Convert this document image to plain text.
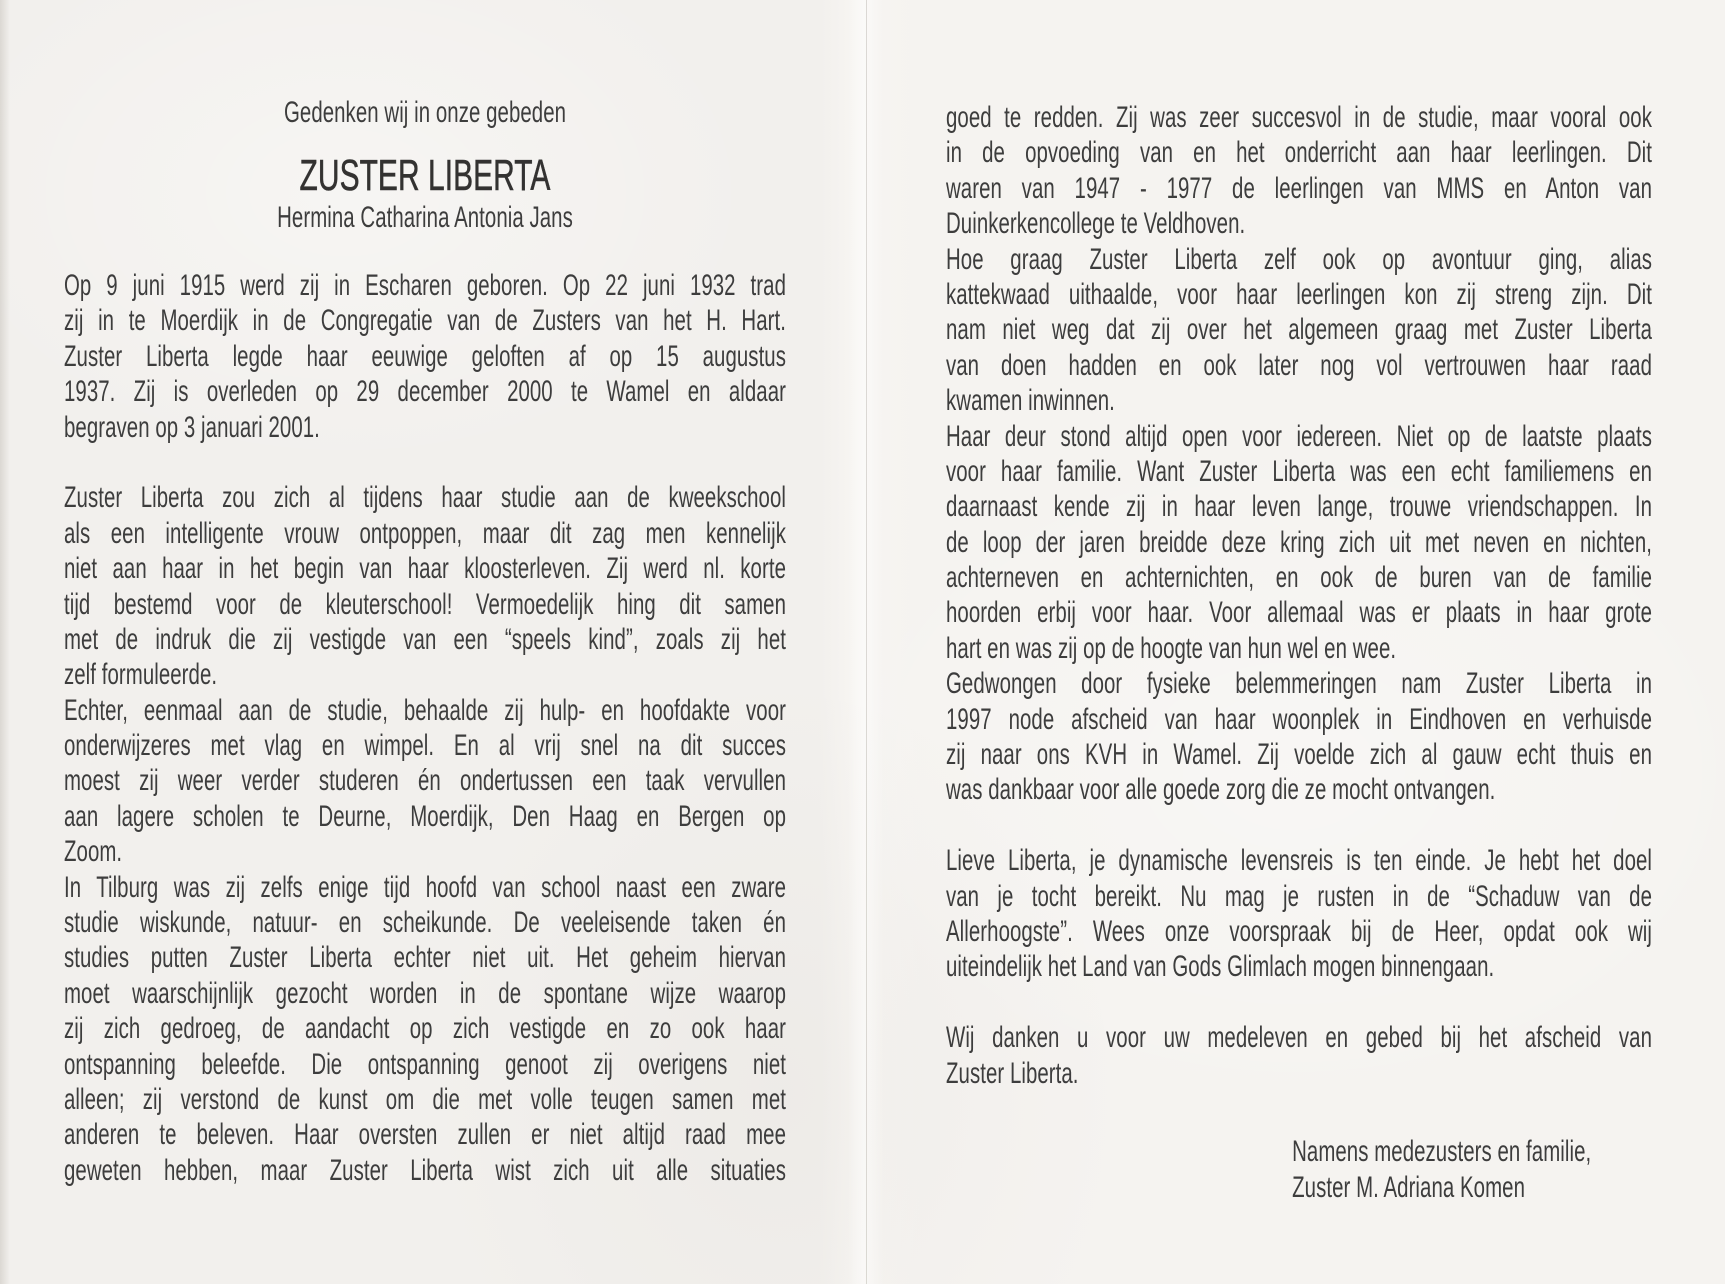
Gedenken wij in onze gebeden
ZUSTER LIBERTA
Hermina Catharina Antonia Jans
Op 9 juni 1915 werd zij in Escharen geboren. Op 22 juni 1932 trad
zij in te Moerdijk in de Congregatie van de Zusters van het H. Hart.
Zuster Liberta legde haar eeuwige geloften af op 15 augustus
1937. Zij is overleden op 29 december 2000 te Wamel en aldaar
begraven op 3 januari 2001.
Zuster Liberta zou zich al tijdens haar studie aan de kweekschool
als een intelligente vrouw ontpoppen, maar dit zag men kennelijk
niet aan haar in het begin van haar kloosterleven. Zij werd nl. korte
tijd bestemd voor de kleuterschool! Vermoedelijk hing dit samen
met de indruk die zij vestigde van een “speels kind”, zoals zij het
zelf formuleerde.
Echter, eenmaal aan de studie, behaalde zij hulp- en hoofdakte voor
onderwijzeres met vlag en wimpel. En al vrij snel na dit succes
moest zij weer verder studeren én ondertussen een taak vervullen
aan lagere scholen te Deurne, Moerdijk, Den Haag en Bergen op
Zoom.
In Tilburg was zij zelfs enige tijd hoofd van school naast een zware
studie wiskunde, natuur- en scheikunde. De veeleisende taken én
studies putten Zuster Liberta echter niet uit. Het geheim hiervan
moet waarschijnlijk gezocht worden in de spontane wijze waarop
zij zich gedroeg, de aandacht op zich vestigde en zo ook haar
ontspanning beleefde. Die ontspanning genoot zij overigens niet
alleen; zij verstond de kunst om die met volle teugen samen met
anderen te beleven. Haar oversten zullen er niet altijd raad mee
geweten hebben, maar Zuster Liberta wist zich uit alle situaties
goed te redden. Zij was zeer succesvol in de studie, maar vooral ook
in de opvoeding van en het onderricht aan haar leerlingen. Dit
waren van 1947 - 1977 de leerlingen van MMS en Anton van
Duinkerkencollege te Veldhoven.
Hoe graag Zuster Liberta zelf ook op avontuur ging, alias
kattekwaad uithaalde, voor haar leerlingen kon zij streng zijn. Dit
nam niet weg dat zij over het algemeen graag met Zuster Liberta
van doen hadden en ook later nog vol vertrouwen haar raad
kwamen inwinnen.
Haar deur stond altijd open voor iedereen. Niet op de laatste plaats
voor haar familie. Want Zuster Liberta was een echt familiemens en
daarnaast kende zij in haar leven lange, trouwe vriendschappen. In
de loop der jaren breidde deze kring zich uit met neven en nichten,
achterneven en achternichten, en ook de buren van de familie
hoorden erbij voor haar. Voor allemaal was er plaats in haar grote
hart en was zij op de hoogte van hun wel en wee.
Gedwongen door fysieke belemmeringen nam Zuster Liberta in
1997 node afscheid van haar woonplek in Eindhoven en verhuisde
zij naar ons KVH in Wamel. Zij voelde zich al gauw echt thuis en
was dankbaar voor alle goede zorg die ze mocht ontvangen.
Lieve Liberta, je dynamische levensreis is ten einde. Je hebt het doel
van je tocht bereikt. Nu mag je rusten in de “Schaduw van de
Allerhoogste”. Wees onze voorspraak bij de Heer, opdat ook wij
uiteindelijk het Land van Gods Glimlach mogen binnengaan.
Wij danken u voor uw medeleven en gebed bij het afscheid van
Zuster Liberta.
Namens medezusters en familie,
Zuster M. Adriana Komen
